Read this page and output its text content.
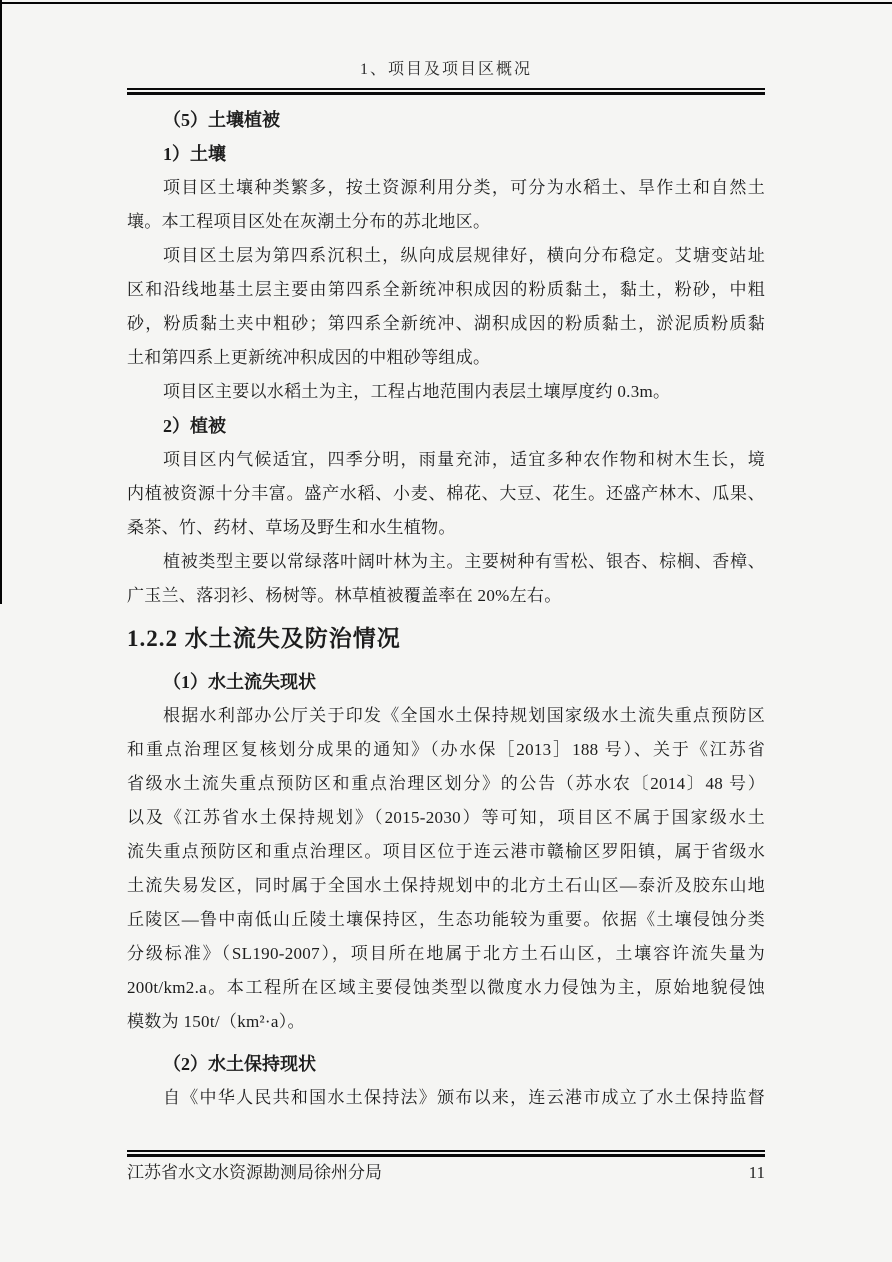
1、项目及项目区概况
（5）土壤植被
1）土壤
项目区土壤种类繁多，按土资源利用分类，可分为水稻土、旱作土和自然土
壤。本工程项目区处在灰潮土分布的苏北地区。
项目区土层为第四系沉积土，纵向成层规律好，横向分布稳定。艾塘变站址
区和沿线地基土层主要由第四系全新统冲积成因的粉质黏土，黏土，粉砂，中粗
砂，粉质黏土夹中粗砂；第四系全新统冲、湖积成因的粉质黏土，淤泥质粉质黏
土和第四系上更新统冲积成因的中粗砂等组成。
项目区主要以水稻土为主，工程占地范围内表层土壤厚度约 0.3m。
2）植被
项目区内气候适宜，四季分明，雨量充沛，适宜多种农作物和树木生长，境
内植被资源十分丰富。盛产水稻、小麦、棉花、大豆、花生。还盛产林木、瓜果、
桑茶、竹、药材、草场及野生和水生植物。
植被类型主要以常绿落叶阔叶林为主。主要树种有雪松、银杏、棕榈、香樟、
广玉兰、落羽衫、杨树等。林草植被覆盖率在 20%左右。
1.2.2 水土流失及防治情况
（1）水土流失现状
根据水利部办公厅关于印发《全国水土保持规划国家级水土流失重点预防区
和重点治理区复核划分成果的通知》（办水保［2013］188 号）、关于《江苏省
省级水土流失重点预防区和重点治理区划分》的公告（苏水农〔2014〕48 号）
以及《江苏省水土保持规划》（2015-2030）等可知，项目区不属于国家级水土
流失重点预防区和重点治理区。项目区位于连云港市赣榆区罗阳镇，属于省级水
土流失易发区，同时属于全国水土保持规划中的北方土石山区—泰沂及胶东山地
丘陵区—鲁中南低山丘陵土壤保持区，生态功能较为重要。依据《土壤侵蚀分类
分级标准》（SL190-2007），项目所在地属于北方土石山区，土壤容许流失量为
200t/km2.a。本工程所在区域主要侵蚀类型以微度水力侵蚀为主，原始地貌侵蚀
模数为 150t/（km²·a）。
（2）水土保持现状
自《中华人民共和国水土保持法》颁布以来，连云港市成立了水土保持监督
江苏省水文水资源勘测局徐州分局	11
